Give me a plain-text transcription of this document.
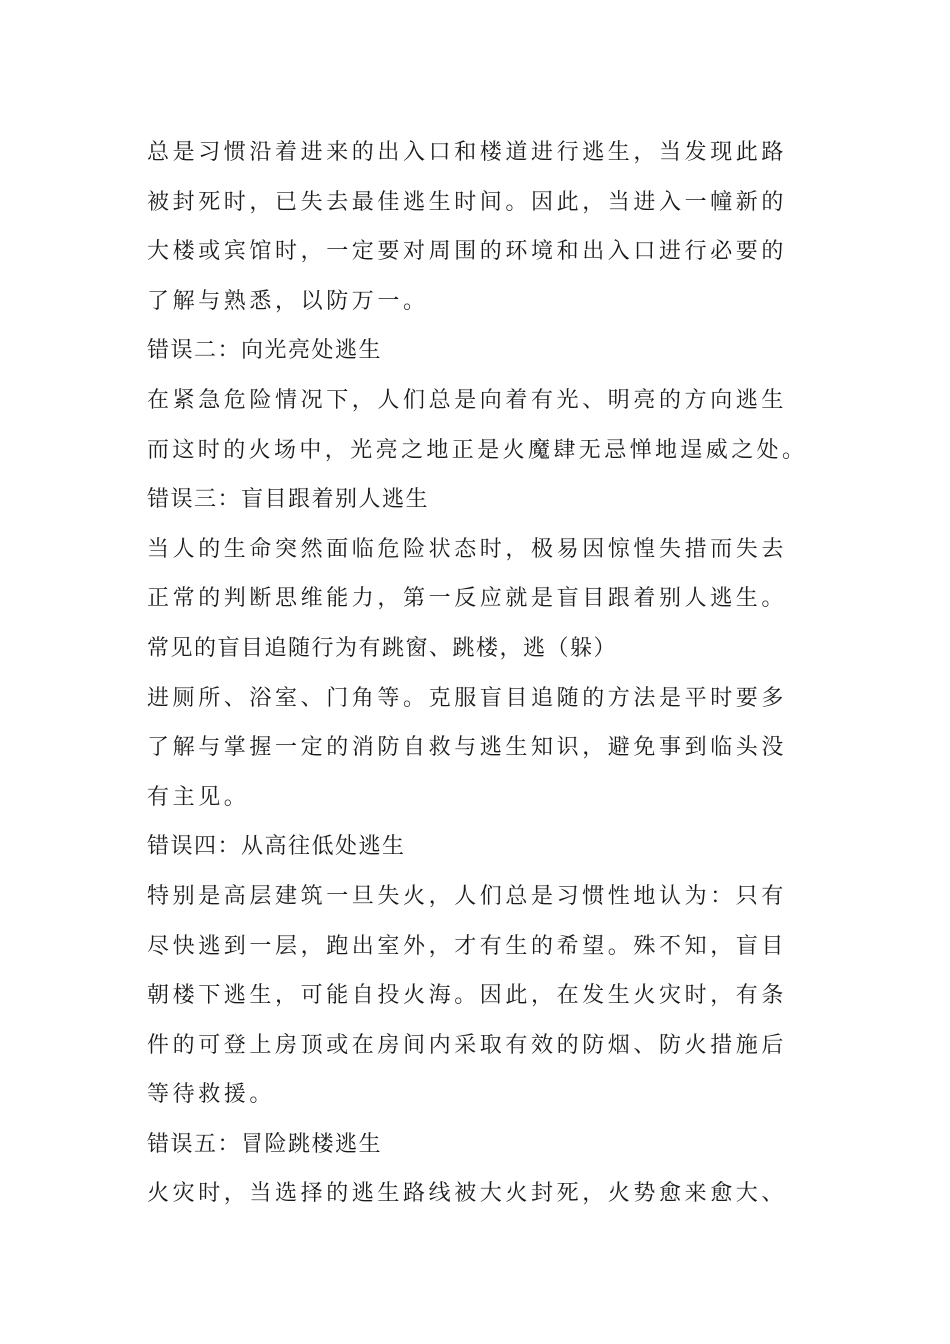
总是习惯沿着进来的出入口和楼道进行逃生，当发现此路
被封死时，已失去最佳逃生时间。因此，当进入一幢新的
大楼或宾馆时，一定要对周围的环境和出入口进行必要的
了解与熟悉，以防万一。
错误二：向光亮处逃生
在紧急危险情况下，人们总是向着有光、明亮的方向逃生
而这时的火场中，光亮之地正是火魔肆无忌惮地逞威之处。
错误三：盲目跟着别人逃生
当人的生命突然面临危险状态时，极易因惊惶失措而失去
正常的判断思维能力，第一反应就是盲目跟着别人逃生。
常见的盲目追随行为有跳窗、跳楼，逃（躲）
进厕所、浴室、门角等。克服盲目追随的方法是平时要多
了解与掌握一定的消防自救与逃生知识，避免事到临头没
有主见。
错误四：从高往低处逃生
特别是高层建筑一旦失火，人们总是习惯性地认为：只有
尽快逃到一层，跑出室外，才有生的希望。殊不知，盲目
朝楼下逃生，可能自投火海。因此，在发生火灾时，有条
件的可登上房顶或在房间内采取有效的防烟、防火措施后
等待救援。
错误五：冒险跳楼逃生
火灾时，当选择的逃生路线被大火封死，火势愈来愈大、
